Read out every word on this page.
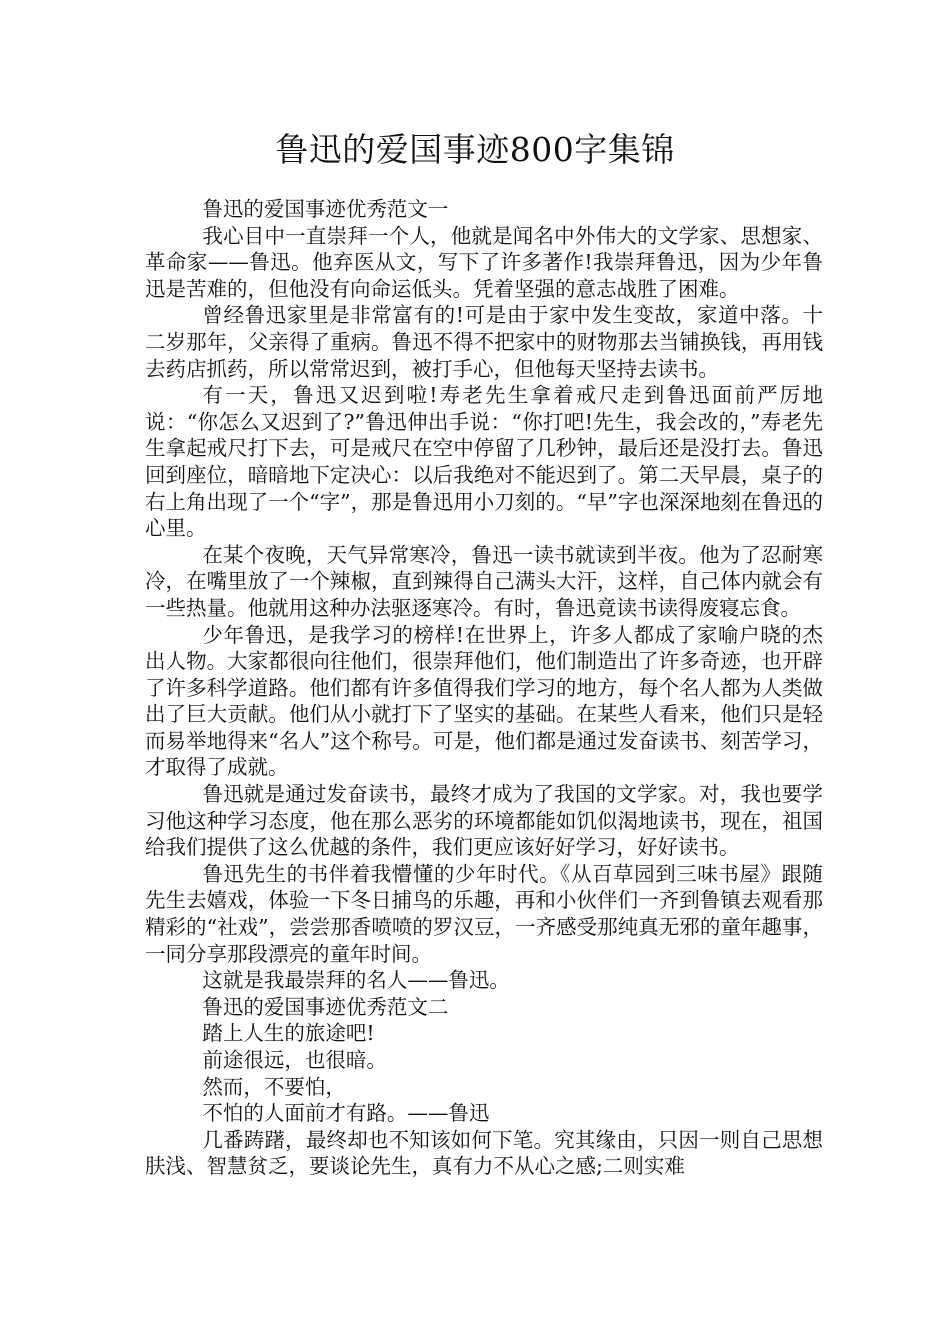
鲁迅的爱国事迹800字集锦

鲁迅的爱国事迹优秀范文一

我心目中一直崇拜一个人，他就是闻名中外伟大的文学家、思想家、革命家——鲁迅。他弃医从文，写下了许多著作!我崇拜鲁迅，因为少年鲁迅是苦难的，但他没有向命运低头。凭着坚强的意志战胜了困难。

曾经鲁迅家里是非常富有的!可是由于家中发生变故，家道中落。十二岁那年，父亲得了重病。鲁迅不得不把家中的财物那去当铺换钱，再用钱去药店抓药，所以常常迟到，被打手心，但他每天坚持去读书。

有一天，鲁迅又迟到啦!寿老先生拿着戒尺走到鲁迅面前严厉地说：“你怎么又迟到了?”鲁迅伸出手说：“你打吧!先生，我会改的，”寿老先生拿起戒尺打下去，可是戒尺在空中停留了几秒钟，最后还是没打去。鲁迅回到座位，暗暗地下定决心：以后我绝对不能迟到了。第二天早晨，桌子的右上角出现了一个“字”，那是鲁迅用小刀刻的。“早”字也深深地刻在鲁迅的心里。

在某个夜晚，天气异常寒冷，鲁迅一读书就读到半夜。他为了忍耐寒冷，在嘴里放了一个辣椒，直到辣得自己满头大汗，这样，自己体内就会有一些热量。他就用这种办法驱逐寒冷。有时，鲁迅竟读书读得废寝忘食。

少年鲁迅，是我学习的榜样!在世界上，许多人都成了家喻户晓的杰出人物。大家都很向往他们，很崇拜他们，他们制造出了许多奇迹，也开辟了许多科学道路。他们都有许多值得我们学习的地方，每个名人都为人类做出了巨大贡献。他们从小就打下了坚实的基础。在某些人看来，他们只是轻而易举地得来“名人”这个称号。可是，他们都是通过发奋读书、刻苦学习，才取得了成就。

鲁迅就是通过发奋读书，最终才成为了我国的文学家。对，我也要学习他这种学习态度，他在那么恶劣的环境都能如饥似渴地读书，现在，祖国给我们提供了这么优越的条件，我们更应该好好学习，好好读书。

鲁迅先生的书伴着我懵懂的少年时代。《从百草园到三味书屋》跟随先生去嬉戏，体验一下冬日捕鸟的乐趣，再和小伙伴们一齐到鲁镇去观看那精彩的“社戏”，尝尝那香喷喷的罗汉豆，一齐感受那纯真无邪的童年趣事，一同分享那段漂亮的童年时间。

这就是我最崇拜的名人——鲁迅。

鲁迅的爱国事迹优秀范文二

踏上人生的旅途吧!

前途很远，也很暗。

然而，不要怕，

不怕的人面前才有路。——鲁迅

几番踌躇，最终却也不知该如何下笔。究其缘由，只因一则自己思想肤浅、智慧贫乏，要谈论先生，真有力不从心之感;二则实难
